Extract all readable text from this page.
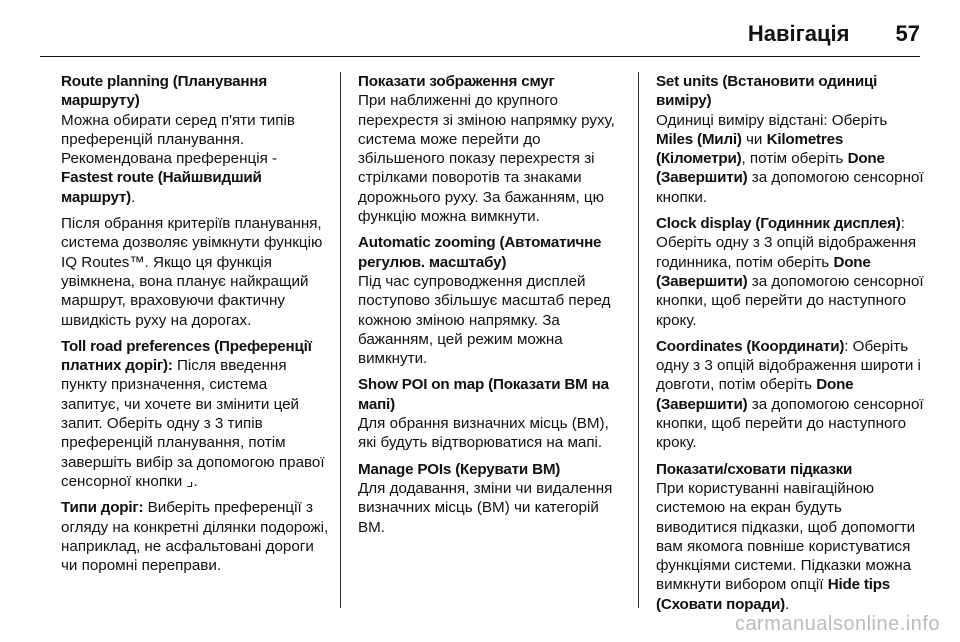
Навігація 57

Route planning (Планування маршруту)
Можна обирати серед п'яти типів преференцій планування. Рекомендована преференція - Fastest route (Найшвидший маршрут).

Після обрання критеріїв планування, система дозволяє увімкнути функцію IQ Routes™. Якщо ця функція увімкнена, вона планує найкращий маршрут, враховуючи фактичну швидкість руху на дорогах.

Toll road preferences (Преференції платних доріг): Після введення пункту призначення, система запитує, чи хочете ви змінити цей запит. Оберіть одну з 3 типів преференцій планування, потім завершіть вибір за допомогою правої сенсорної кнопки ⌟.

Типи доріг: Виберіть преференції з огляду на конкретні ділянки подорожі, наприклад, не асфальтовані дороги чи поромні переправи.

Показати зображення смуг
При наближенні до крупного перехрестя зі зміною напрямку руху, система може перейти до збільшеного показу перехрестя зі стрілками поворотів та знаками дорожнього руху. За бажанням, цю функцію можна вимкнути.

Automatic zooming (Автоматичне регулюв. масштабу)
Під час супроводження дисплей поступово збільшує масштаб перед кожною зміною напрямку. За бажанням, цей режим можна вимкнути.

Show POI on map (Показати ВМ на мапі)
Для обрання визначних місць (ВМ), які будуть відтворюватися на мапі.

Manage POIs (Керувати ВМ)
Для додавання, зміни чи видалення визначних місць (ВМ) чи категорій ВМ.

Set units (Встановити одиниці виміру)
Одиниці виміру відстані: Оберіть Miles (Милі) чи Kilometres (Кілометри), потім оберіть Done (Завершити) за допомогою сенсорної кнопки.

Clock display (Годинник дисплея): Оберіть одну з 3 опцій відображення годинника, потім оберіть Done (Завершити) за допомогою сенсорної кнопки, щоб перейти до наступного кроку.

Coordinates (Координати): Оберіть одну з 3 опцій відображення широти і довготи, потім оберіть Done (Завершити) за допомогою сенсорної кнопки, щоб перейти до наступного кроку.

Показати/сховати підказки
При користуванні навігаційною системою на екран будуть виводитися підказки, щоб допомогти вам якомога повніше користуватися функціями системи. Підказки можна вимкнути вибором опції Hide tips (Сховати поради).

carmanualsonline.info
